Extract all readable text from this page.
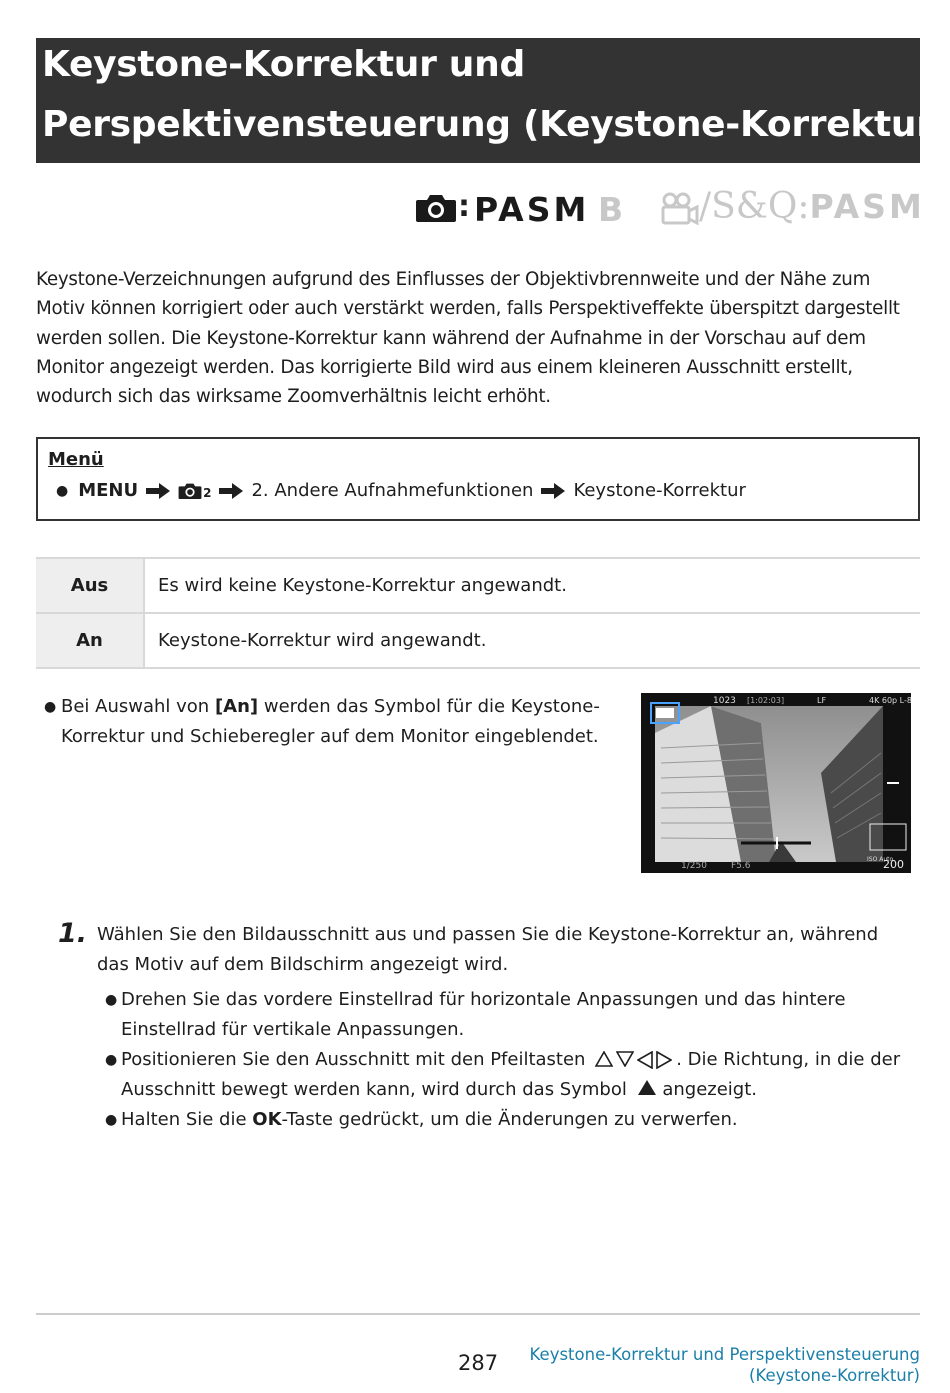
Keystone-Korrektur und
Perspektivensteuerung (Keystone-Korrektur)
: PASM B /S&Q:PASM

Keystone-Verzeichnungen aufgrund des Einflusses der Objektivbrennweite und der Nähe zum Motiv können korrigiert oder auch verstärkt werden, falls Perspektiveffekte überspitzt dargestellt werden sollen. Die Keystone-Korrektur kann während der Aufnahme in der Vorschau auf dem Monitor angezeigt werden. Das korrigierte Bild wird aus einem kleineren Ausschnitt erstellt, wodurch sich das wirksame Zoomverhältnis leicht erhöht.

Menü
● MENU	2 2. Andere Aufnahmefunktionen Keystone-Korrektur
Aus	Es wird keine Keystone-Korrektur angewandt.
An	Keystone-Korrektur wird angewandt.
● Bei Auswahl von [An] werden das Symbol für die Keystone-Korrektur und Schieberegler auf dem Monitor eingeblendet.
1023 [1:02:03]	LF	4K 60p L-8
1/250	F5.6
ISO Auto
200
1. Wählen Sie den Bildausschnitt aus und passen Sie die Keystone-Korrektur an, während das Motiv auf dem Bildschirm angezeigt wird.
● Drehen Sie das vordere Einstellrad für horizontale Anpassungen und das hintere Einstellrad für vertikale Anpassungen.
● Positionieren Sie den Ausschnitt mit den Pfeiltasten	. Die Richtung, in die der Ausschnitt bewegt werden kann, wird durch das Symbol  angezeigt.
● Halten Sie die OK-Taste gedrückt, um die Änderungen zu verwerfen.
287 Keystone-Korrektur und Perspektivensteuerung
(Keystone-Korrektur)
